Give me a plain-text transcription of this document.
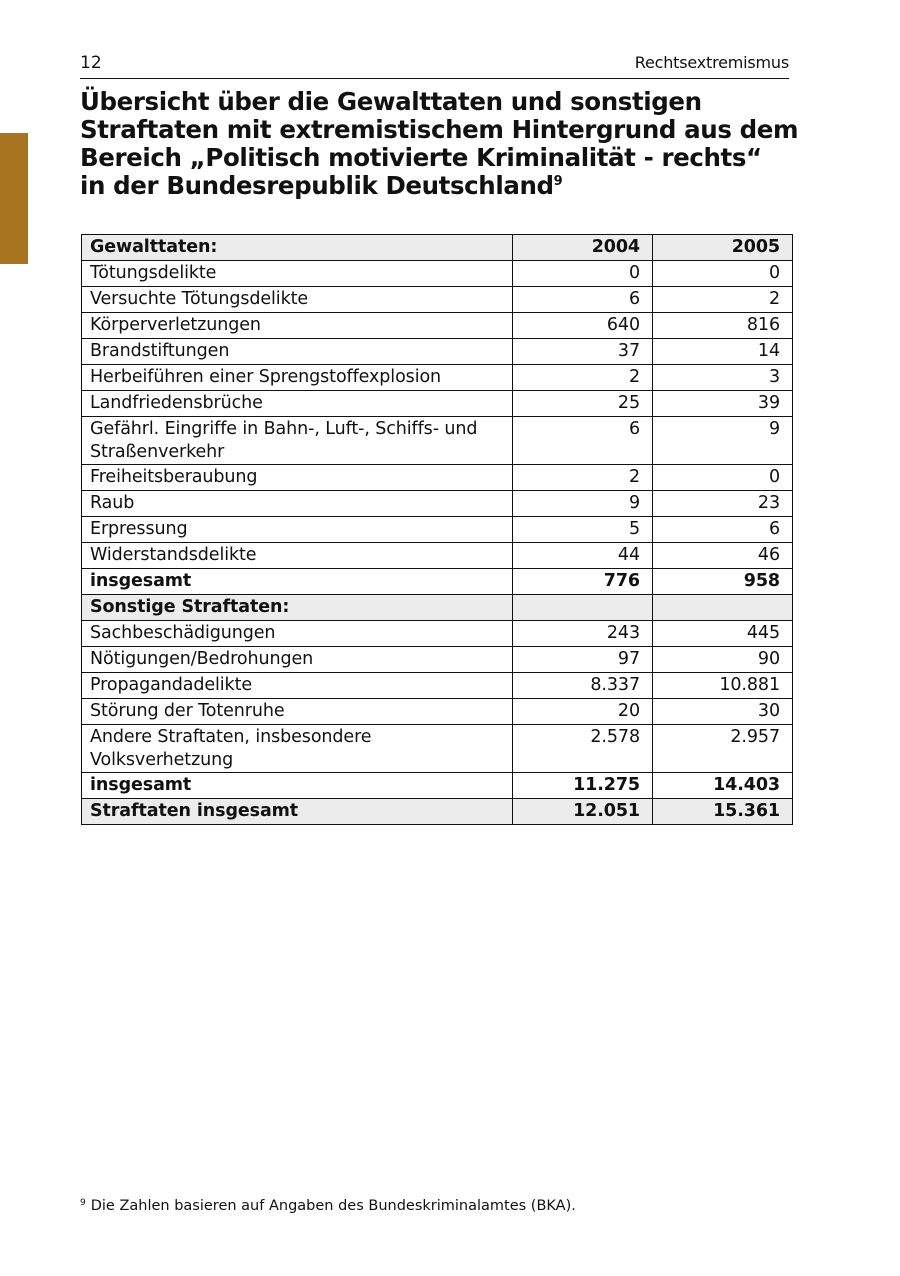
12	Rechtsextremismus
Übersicht über die Gewalttaten und sonstigen
Straftaten mit extremistischem Hintergrund aus dem
Bereich „Politisch motivierte Kriminalität - rechts“
in der Bundesrepublik Deutschland$^9$
Gewalttaten:	2004	2005
Tötungsdelikte	0	0
Versuchte Tötungsdelikte	6	2
Körperverletzungen	640	816
Brandstiftungen	37	14
Herbeiführen einer Sprengstoffexplosion	2	3
Landfriedensbrüche	25	39
Gefährl. Eingriffe in Bahn-, Luft-, Schiffs- und Straßenverkehr	6	9
Freiheitsberaubung	2	0
Raub	9	23
Erpressung	5	6
Widerstandsdelikte	44	46
insgesamt	776	958
Sonstige Straftaten:		
Sachbeschädigungen	243	445
Nötigungen/Bedrohungen	97	90
Propagandadelikte	8.337	10.881
Störung der Totenruhe	20	30
Andere Straftaten, insbesondere Volksverhetzung	2.578	2.957
insgesamt	11.275	14.403
Straftaten insgesamt	12.051	15.361
$^9$ Die Zahlen basieren auf Angaben des Bundeskriminalamtes (BKA).
